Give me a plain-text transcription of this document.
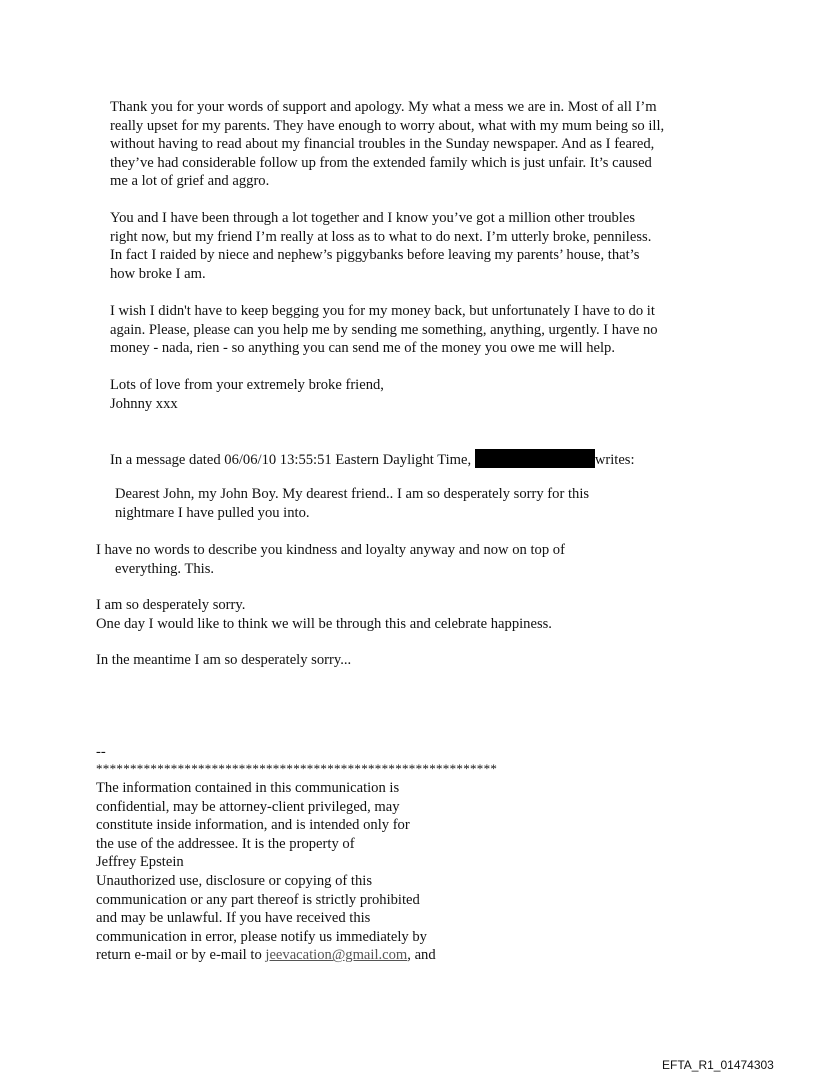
Thank you for your words of support and apology. My what a mess we are in. Most of all I’m
really upset for my parents. They have enough to worry about, what with my mum being so ill,
without having to read about my financial troubles in the Sunday newspaper. And as I feared,
they’ve had considerable follow up from the extended family which is just unfair. It’s caused
me a lot of grief and aggro.
You and I have been through a lot together and I know you’ve got a million other troubles
right now, but my friend I’m really at loss as to what to do next. I’m utterly broke, penniless.
In fact I raided by niece and nephew’s piggybanks before leaving my parents’ house, that’s
how broke I am.
I wish I didn't have to keep begging you for my money back, but unfortunately I have to do it
again. Please, please can you help me by sending me something, anything, urgently. I have no
money - nada, rien - so anything you can send me of the money you owe me will help.
Lots of love from your extremely broke friend,
Johnny xxx
In a message dated 06/06/10 13:55:51 Eastern Daylight Time,	writes:
Dearest John, my John Boy. My dearest friend.. I am so desperately sorry for this
nightmare I have pulled you into.
I have no words to describe you kindness and loyalty anyway and now on top of
everything. This.
I am so desperately sorry.
One day I would like to think we will be through this and celebrate happiness.
In the meantime I am so desperately sorry...
--
***********************************************************
The information contained in this communication is
confidential, may be attorney-client privileged, may
constitute inside information, and is intended only for
the use of the addressee. It is the property of
Jeffrey Epstein
Unauthorized use, disclosure or copying of this
communication or any part thereof is strictly prohibited
and may be unlawful. If you have received this
communication in error, please notify us immediately by
return e-mail or by e-mail to jeevacation@gmail.com, and
EFTA_R1_01474303
